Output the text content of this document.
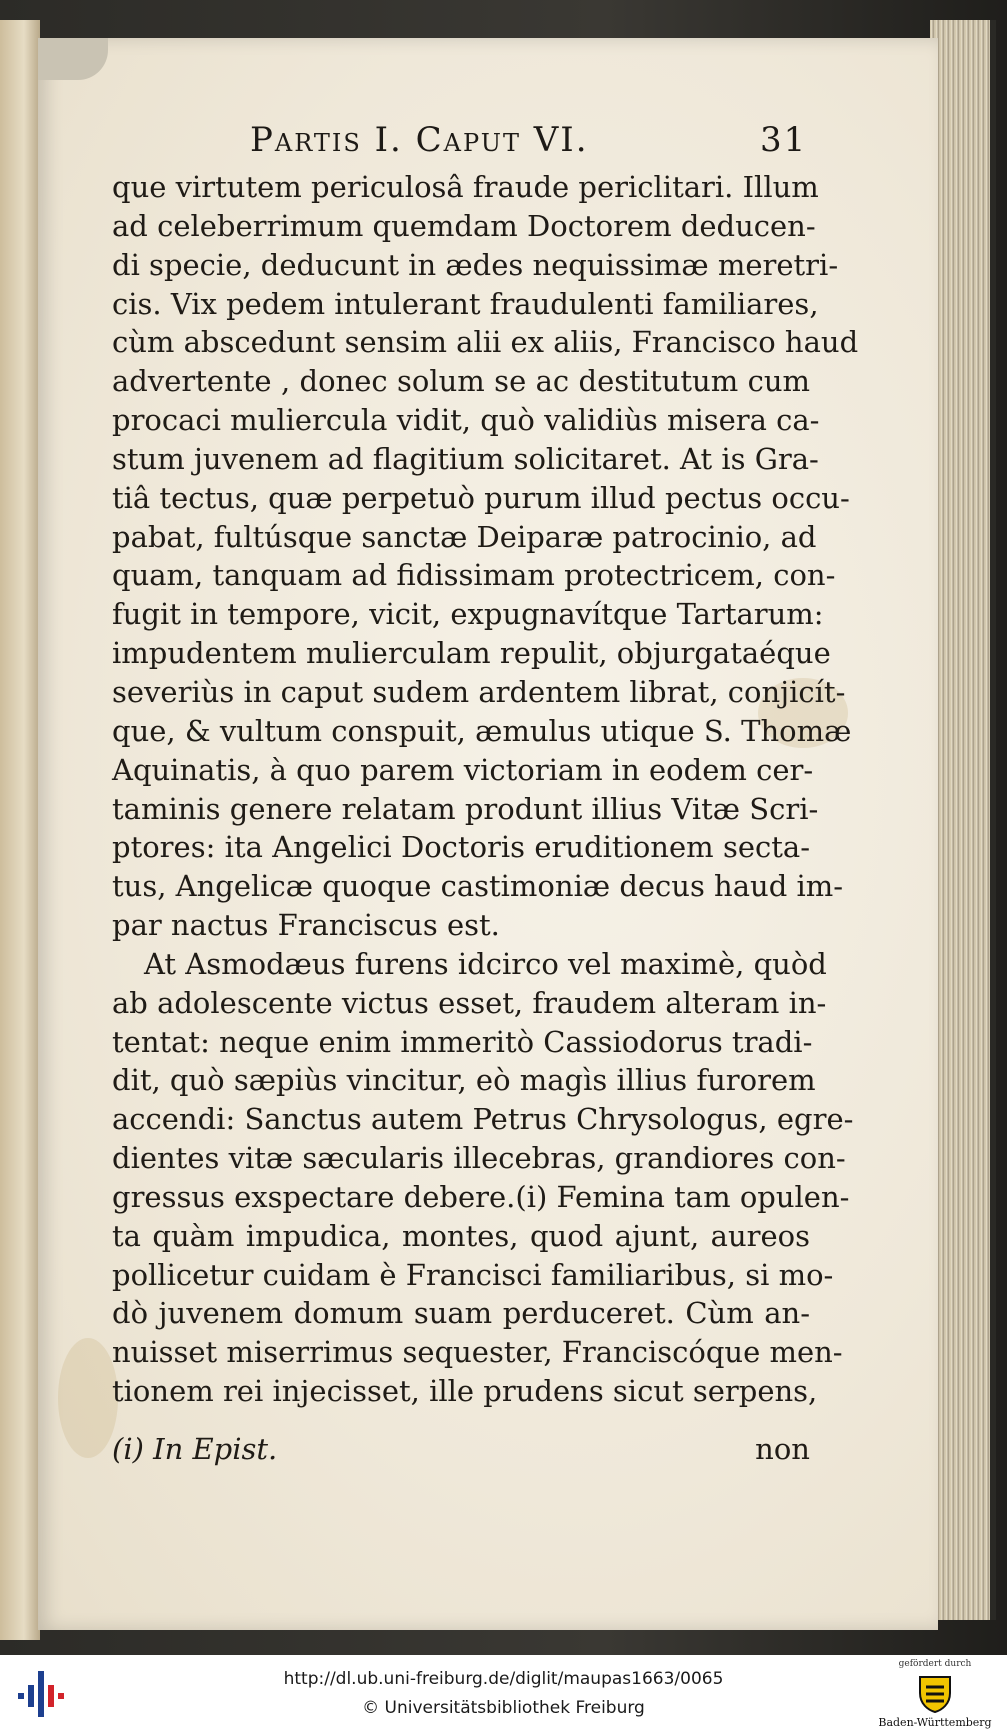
Partis I. Caput VI.	31
que virtutem periculosâ fraude periclitari. Illum
ad celeberrimum quemdam Doctorem deducen-
di specie, deducunt in ædes nequissimæ meretri-
cis. Vix pedem intulerant fraudulenti familiares,
cùm abscedunt sensim alii ex aliis, Francisco haud
advertente , donec solum se ac destitutum cum
procaci muliercula vidit, quò validiùs misera ca-
stum juvenem ad flagitium solicitaret. At is Gra-
tiâ tectus, quæ perpetuò purum illud pectus occu-
pabat, fultúsque sanctæ Deiparæ patrocinio, ad
quam, tanquam ad fidissimam protectricem, con-
fugit in tempore, vicit, expugnavítque Tartarum:
impudentem mulierculam repulit, objurgataéque
severiùs in caput sudem ardentem librat, conjicít-
que, & vultum conspuit, æmulus utique S. Thomæ
Aquinatis, à quo parem victoriam in eodem cer-
taminis genere relatam produnt illius Vitæ Scri-
ptores: ita Angelici Doctoris eruditionem secta-
tus, Angelicæ quoque castimoniæ decus haud im-
par nactus Franciscus est.
At Asmodæus furens idcirco vel maximè, quòd
ab adolescente victus esset, fraudem alteram in-
tentat: neque enim immeritò Cassiodorus tradi-
dit, quò sæpiùs vincitur, eò magìs illius furorem
accendi: Sanctus autem Petrus Chrysologus, egre-
dientes vitæ sæcularis illecebras, grandiores con-
gressus exspectare debere.(i) Femina tam opulen-
ta quàm impudica, montes, quod ajunt, aureos
pollicetur cuidam è Francisci familiaribus, si mo-
dò juvenem domum suam perduceret. Cùm an-
nuisset miserrimus sequester, Franciscóque men-
tionem rei injecisset, ille prudens sicut serpens,
(i) In Epist.	non
http://dl.ub.uni-freiburg.de/diglit/maupas1663/0065
© Universitätsbibliothek Freiburg
gefördert durch
Baden-Württemberg
